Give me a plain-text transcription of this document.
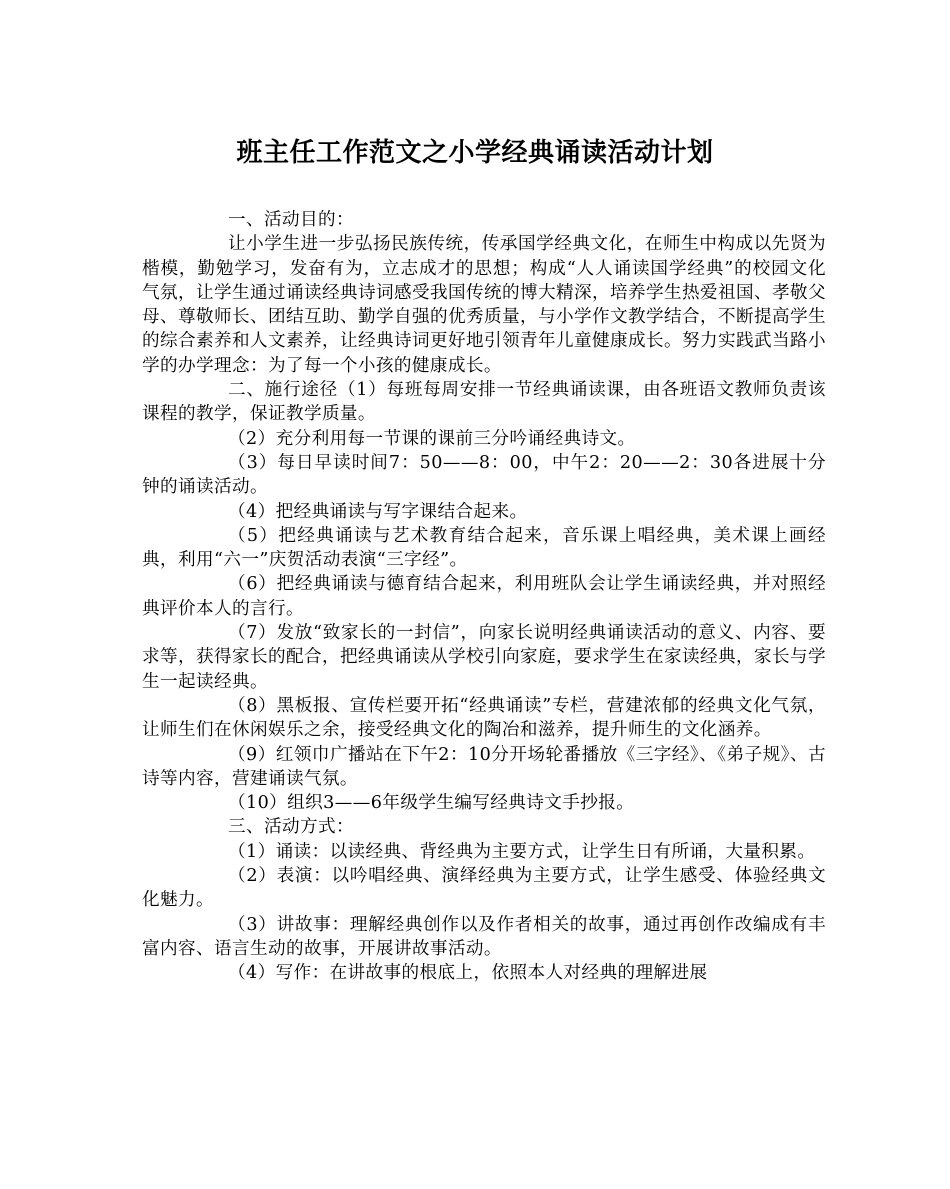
班主任工作范文之小学经典诵读活动计划

一、活动目的：

让小学生进一步弘扬民族传统，传承国学经典文化，在师生中构成以先贤为楷模，勤勉学习，发奋有为，立志成才的思想；构成“人人诵读国学经典”的校园文化气氛，让学生通过诵读经典诗词感受我国传统的博大精深，培养学生热爱祖国、孝敬父母、尊敬师长、团结互助、勤学自强的优秀质量，与小学作文教学结合，不断提高学生的综合素养和人文素养，让经典诗词更好地引领青年儿童健康成长。努力实践武当路小学的办学理念：为了每一个小孩的健康成长。

二、施行途径（1）每班每周安排一节经典诵读课，由各班语文教师负责该课程的教学，保证教学质量。

（2）充分利用每一节课的课前三分吟诵经典诗文。

（3）每日早读时间7：50——8：00，中午2：20——2：30各进展十分钟的诵读活动。

（4）把经典诵读与写字课结合起来。

（5）把经典诵读与艺术教育结合起来，音乐课上唱经典，美术课上画经典，利用“六一”庆贺活动表演“三字经”。

（6）把经典诵读与德育结合起来，利用班队会让学生诵读经典，并对照经典评价本人的言行。

（7）发放“致家长的一封信”，向家长说明经典诵读活动的意义、内容、要求等，获得家长的配合，把经典诵读从学校引向家庭，要求学生在家读经典，家长与学生一起读经典。

（8）黑板报、宣传栏要开拓“经典诵读”专栏，营建浓郁的经典文化气氛，让师生们在休闲娱乐之余，接受经典文化的陶冶和滋养，提升师生的文化涵养。

（9）红领巾广播站在下午2：10分开场轮番播放《三字经》、《弟子规》、古诗等内容，营建诵读气氛。

（10）组织3——6年级学生编写经典诗文手抄报。

三、活动方式：

（1）诵读：以读经典、背经典为主要方式，让学生日有所诵，大量积累。

（2）表演：以吟唱经典、演绎经典为主要方式，让学生感受、体验经典文化魅力。

（3）讲故事：理解经典创作以及作者相关的故事，通过再创作改编成有丰富内容、语言生动的故事，开展讲故事活动。

（4）写作：在讲故事的根底上，依照本人对经典的理解进展
